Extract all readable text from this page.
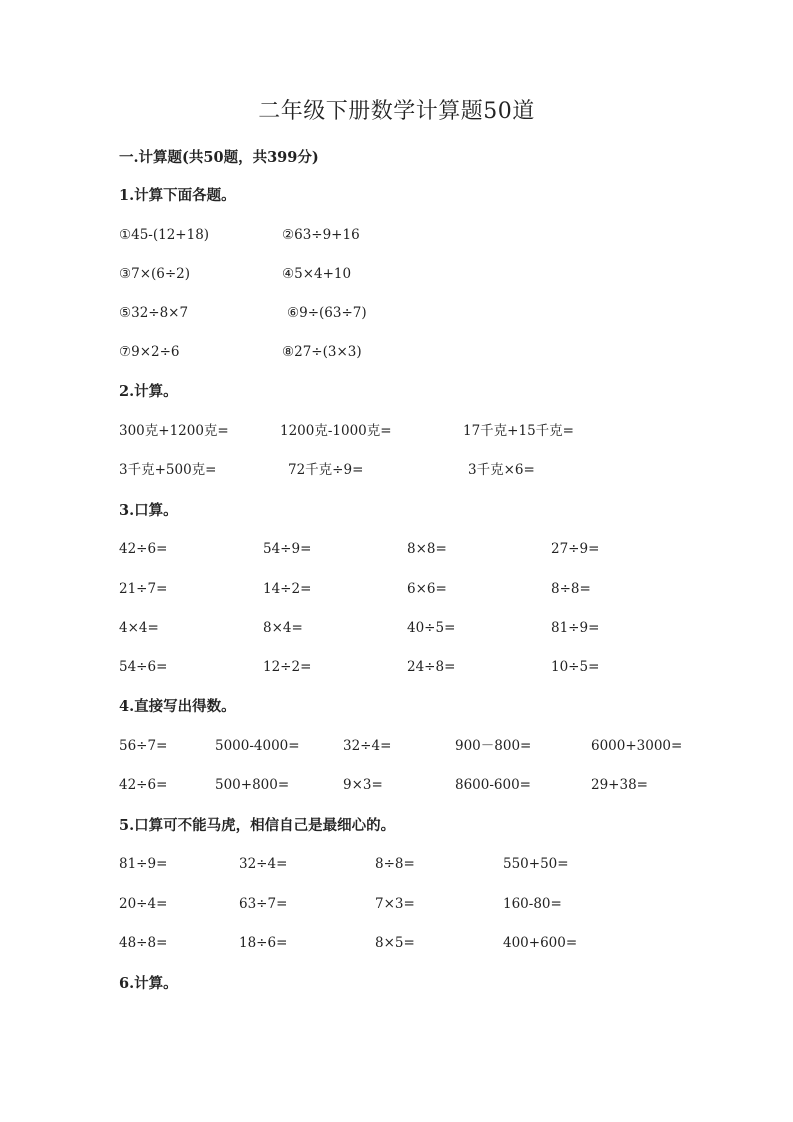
二年级下册数学计算题50道
一.计算题(共50题，共399分)
1.计算下面各题。
①45-(12+18)	②63÷9+16
③7×(6÷2)	④5×4+10
⑤32÷8×7	⑥9÷(63÷7)
⑦9×2÷6	⑧27÷(3×3)
2.计算。
300克+1200克=	1200克-1000克=	17千克+15千克=
3千克+500克=	72千克÷9=	3千克×6=
3.口算。
42÷6=	54÷9=	8×8=	27÷9=
21÷7=	14÷2=	6×6=	8÷8=
4×4=	8×4=	40÷5=	81÷9=
54÷6=	12÷2=	24÷8=	10÷5=
4.直接写出得数。
56÷7=	5000-4000=	32÷4=	900－800=	6000+3000=
42÷6=	500+800=	9×3=	8600-600=	29+38=
5.口算可不能马虎，相信自己是最细心的。
81÷9=	32÷4=	8÷8=	550+50=
20÷4=	63÷7=	7×3=	160-80=
48÷8=	18÷6=	8×5=	400+600=
6.计算。
